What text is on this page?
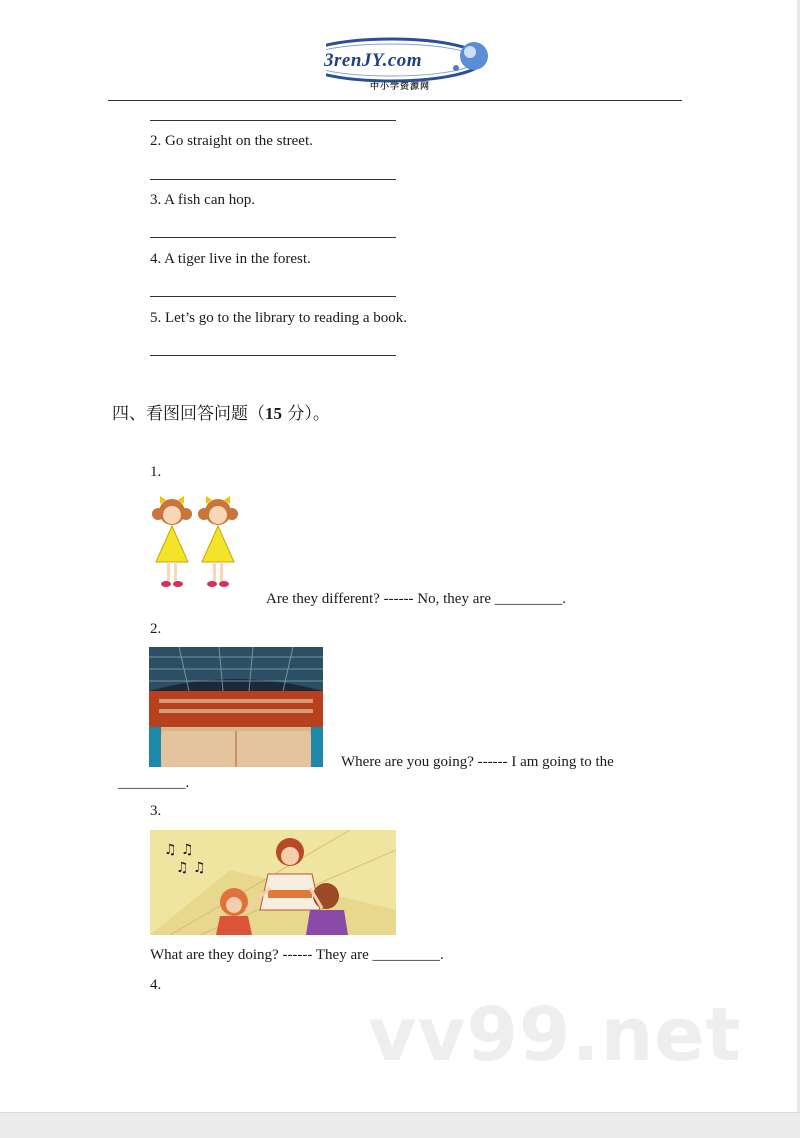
3renJY.com
中小学资源网
2. Go straight on the street.
3. A fish can hop.
4. A tiger live in the forest.
5. Let’s go to the library to reading a book.
四、看图回答问题（15 分）。
1.
Are they different? ------ No, they are _________.
2.
Where are you going? ------ I am going to the
_________.
3.
♫ ♫
♫ ♫
What are they doing? ------ They are _________.
4.
vv99.net
